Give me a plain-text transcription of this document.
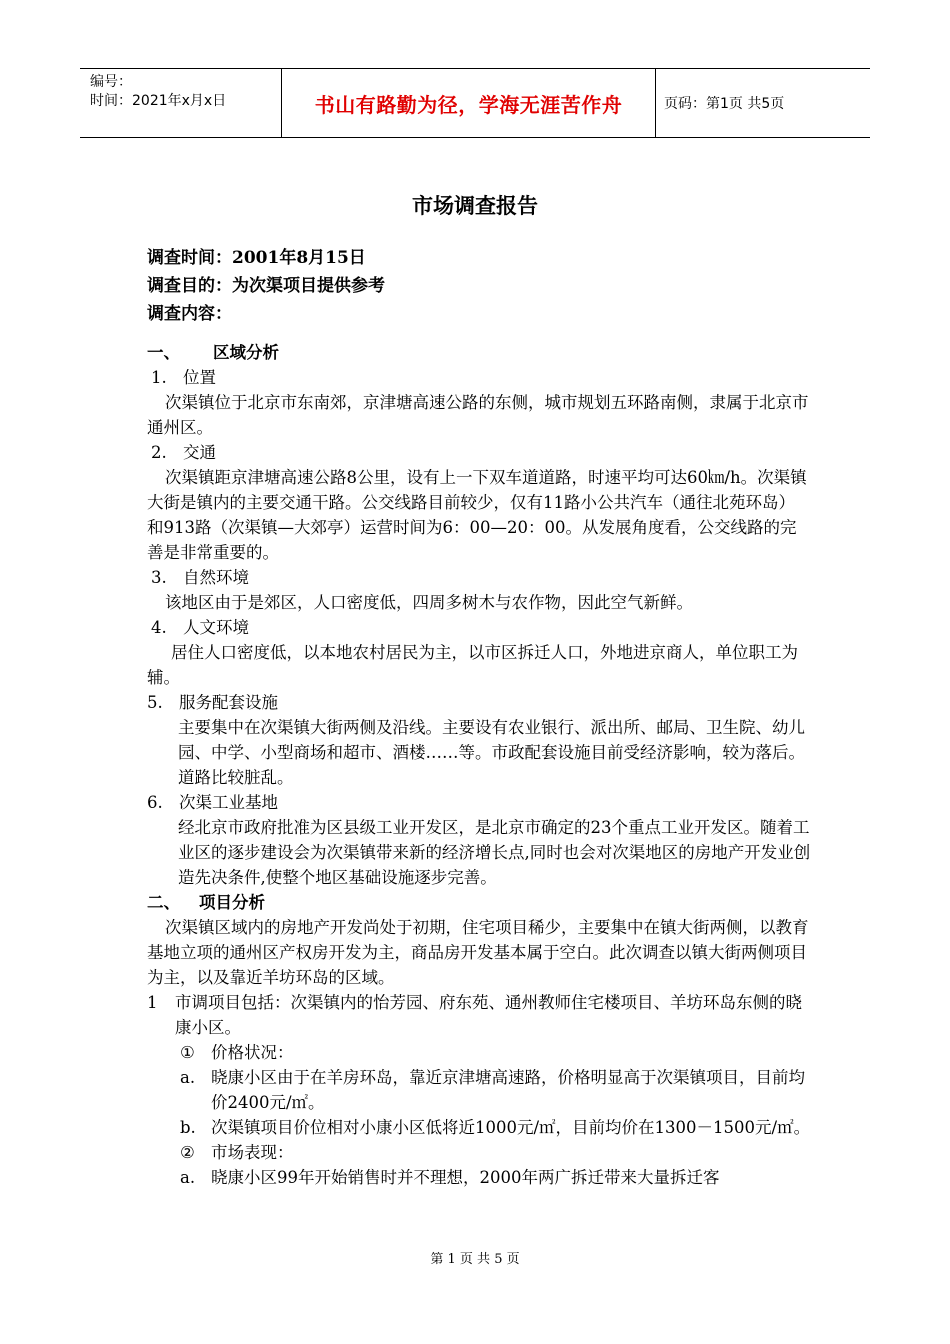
编号：
时间：2021年x月x日	书山有路勤为径，学海无涯苦作舟	页码：第1页 共5页
市场调查报告
调查时间：2001年8月15日
调查目的：为次渠项目提供参考
调查内容：

一、 区域分析

1. 位置

次渠镇位于北京市东南郊，京津塘高速公路的东侧，城市规划五环路南侧，隶属于北京市通州区。

2. 交通

次渠镇距京津塘高速公路8公里，设有上一下双车道道路，时速平均可达60㎞/h。次渠镇大街是镇内的主要交通干路。公交线路目前较少，仅有11路小公共汽车（通往北苑环岛）和913路（次渠镇—大郊亭）运营时间为6：00—20：00。从发展角度看，公交线路的完善是非常重要的。

3. 自然环境

该地区由于是郊区，人口密度低，四周多树木与农作物，因此空气新鲜。

4. 人文环境

居住人口密度低，以本地农村居民为主，以市区拆迁人口，外地进京商人，单位职工为辅。

5. 服务配套设施

主要集中在次渠镇大街两侧及沿线。主要设有农业银行、派出所、邮局、卫生院、幼儿园、中学、小型商场和超市、酒楼……等。市政配套设施目前受经济影响，较为落后。道路比较脏乱。

6. 次渠工业基地

经北京市政府批准为区县级工业开发区，是北京市确定的23个重点工业开发区。随着工业区的逐步建设会为次渠镇带来新的经济增长点,同时也会对次渠地区的房地产开发业创造先决条件,使整个地区基础设施逐步完善。

二、 项目分析

次渠镇区域内的房地产开发尚处于初期，住宅项目稀少，主要集中在镇大街两侧，以教育基地立项的通州区产权房开发为主，商品房开发基本属于空白。此次调查以镇大街两侧项目为主，以及靠近羊坊环岛的区域。

1	市调项目包括：次渠镇内的怡芳园、府东苑、通州教师住宅楼项目、羊坊环岛东侧的晓康小区。

① 价格状况：

a. 晓康小区由于在羊房环岛，靠近京津塘高速路，价格明显高于次渠镇项目，目前均价2400元/㎡。
b. 次渠镇项目价位相对小康小区低将近1000元/㎡，目前均价在1300－1500元/㎡。

② 市场表现：

a. 晓康小区99年开始销售时并不理想，2000年两广拆迁带来大量拆迁客
第 1 页 共 5 页
